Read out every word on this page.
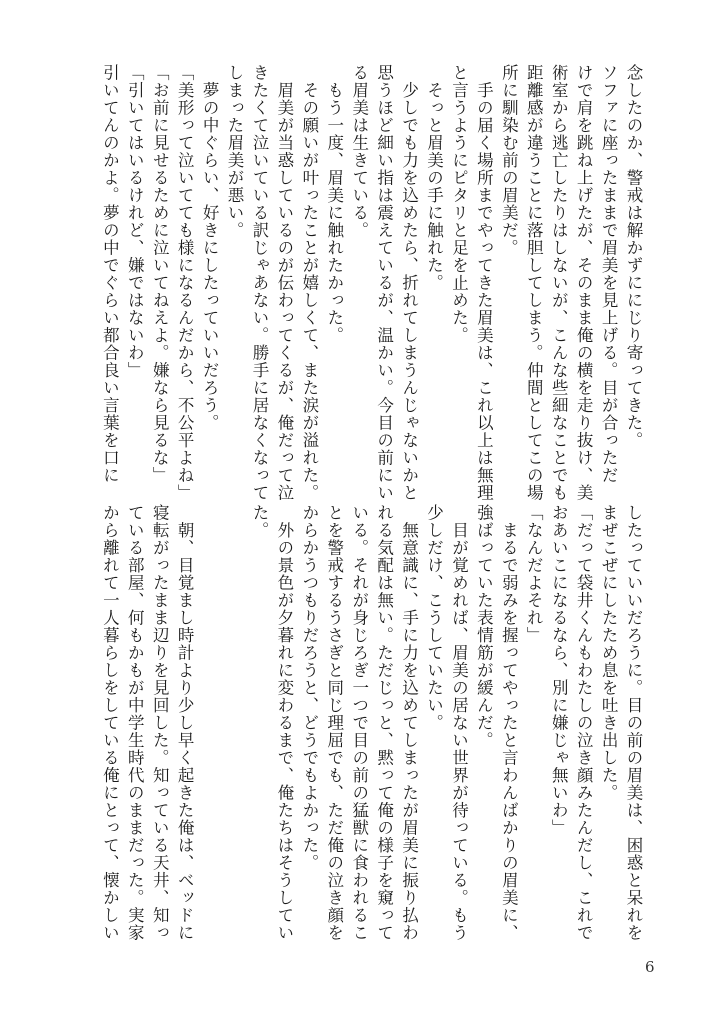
念したのか、警戒は解かずににじり寄ってきた。
ソファに座ったままで眉美を見上げる。目が合っただ
けで肩を跳ね上げたが、そのまま俺の横を走り抜け、美
術室から逃亡したりはしないが、こんな些細なことでも
距離感が違うことに落胆してしまう。仲間としてこの場
所に馴染む前の眉美だ。
　手の届く場所までやってきた眉美は、これ以上は無理
と言うようにピタリと足を止めた。
　そっと眉美の手に触れた。
　少しでも力を込めたら、折れてしまうんじゃないかと
思うほど細い指は震えているが、温かい。今目の前にい
る眉美は生きている。
　もう一度、眉美に触れたかった。
　その願いが叶ったことが嬉しくて、また涙が溢れた。
　眉美が当惑しているのが伝わってくるが、俺だって泣
きたくて泣いている訳じゃあない。勝手に居なくなって
しまった眉美が悪い。
　夢の中ぐらい、好きにしたっていいだろう。
「美形って泣いてても様になるんだから、不公平よね」
「お前に見せるために泣いてねえよ。嫌なら見るな」
「引いてはいるけれど、嫌ではないわ」
引いてんのかよ。夢の中でぐらい都合良い言葉を口に
したっていいだろうに。目の前の眉美は、困惑と呆れを
まぜこぜにしたため息を吐き出した。
「だって袋井くんもわたしの泣き顔みたんだし、これで
おあいこになるなら、別に嫌じゃ無いわ」
「なんだよそれ」
　まるで弱みを握ってやったと言わんばかりの眉美に、
強ばっていた表情筋が緩んだ。
　目が覚めれば、眉美の居ない世界が待っている。もう
少しだけ、こうしていたい。
　無意識に、手に力を込めてしまったが眉美に振り払わ
れる気配は無い。ただじっと、黙って俺の様子を窺って
いる。それが身じろぎ一つで目の前の猛獣に食われるこ
とを警戒するうさぎと同じ理屈でも、ただ俺の泣き顔を
からかうつもりだろうと、どうでもよかった。
　外の景色が夕暮れに変わるまで、俺たちはそうしてい
た。
　朝、目覚まし時計より少し早く起きた俺は、ベッドに
寝転がったまま辺りを見回した。知っている天井、知っ
ている部屋、何もかもが中学生時代のままだった。実家
から離れて一人暮らしをしている俺にとって、懐かしい
6
